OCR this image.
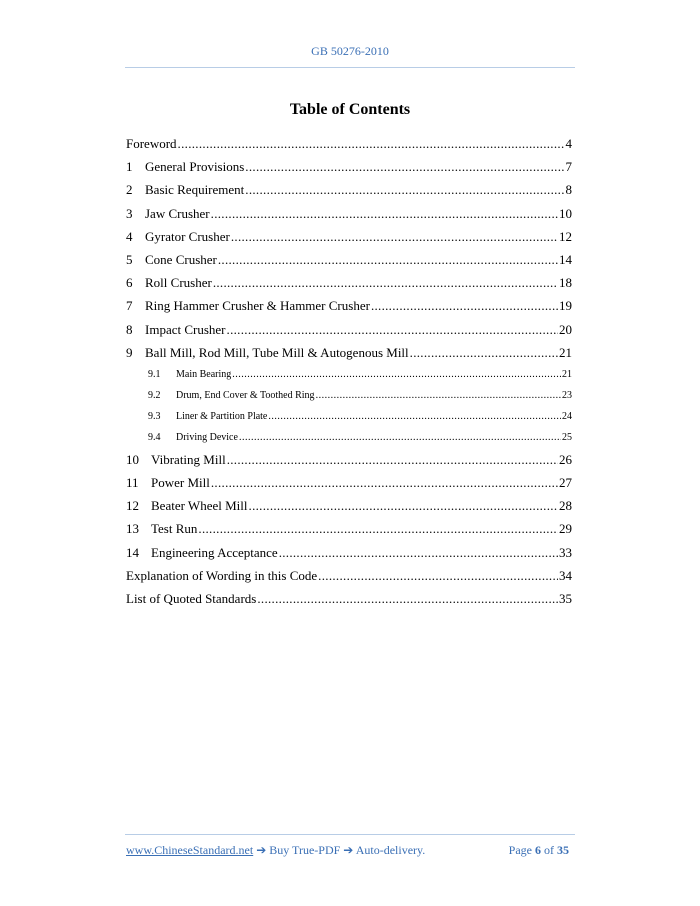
GB 50276-2010
Table of Contents
Foreword .....	4
1 General Provisions .....	7
2 Basic Requirement .....	8
3 Jaw Crusher .....	10
4 Gyrator Crusher .....	12
5 Cone Crusher .....	14
6 Roll Crusher .....	18
7 Ring Hammer Crusher & Hammer Crusher .....	19
8 Impact Crusher .....	20
9 Ball Mill, Rod Mill, Tube Mill & Autogenous Mill .....	21
9.1	Main Bearing .....	21
9.2	Drum, End Cover & Toothed Ring .....	23
9.3	Liner & Partition Plate .....	24
9.4	Driving Device .....	25
10 Vibrating Mill .....	26
11 Power Mill .....	27
12 Beater Wheel Mill .....	28
13 Test Run .....	29
14 Engineering Acceptance .....	33
Explanation of Wording in this Code .....	34
List of Quoted Standards .....	35
www.ChineseStandard.net ➔ Buy True-PDF ➔ Auto-delivery.	Page 6 of 35
